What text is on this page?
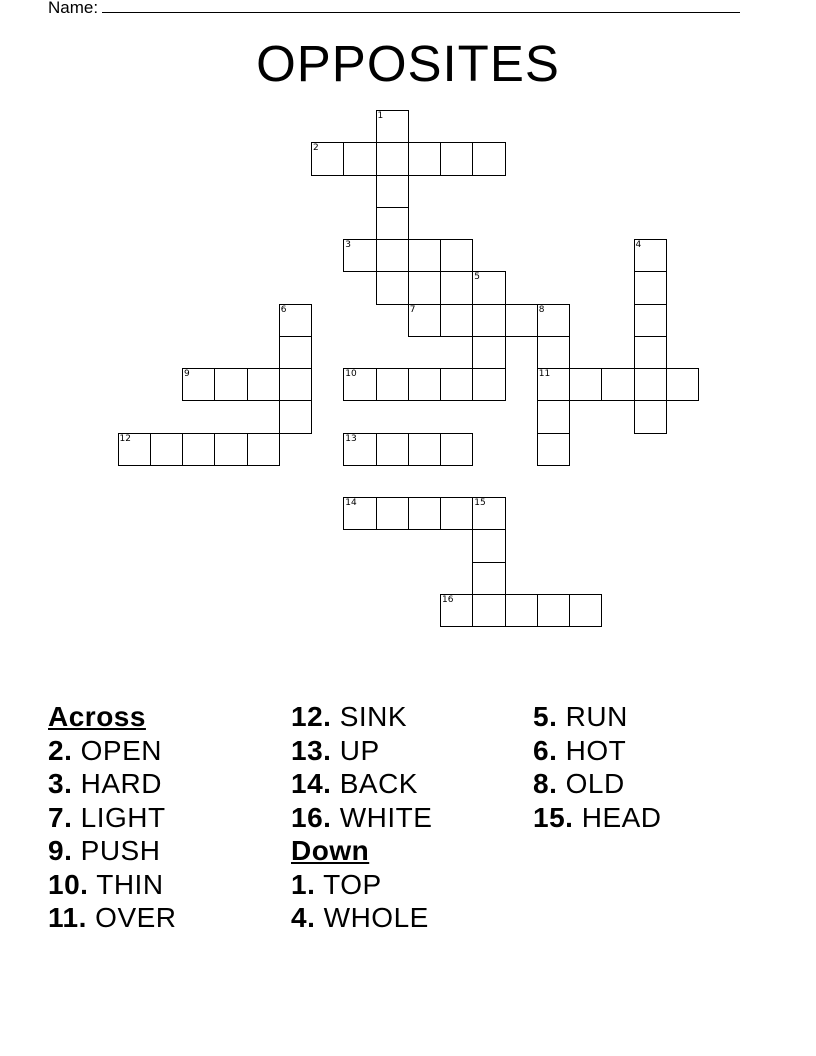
Name:
OPPOSITES
1
2
3	4
5
6	7	8
9	10	11
12	13
14	15
16
Across
2. OPEN
3. HARD
7. LIGHT
9. PUSH
10. THIN
11. OVER
12. SINK
13. UP
14. BACK
16. WHITE
Down
1. TOP
4. WHOLE
5. RUN
6. HOT
8. OLD
15. HEAD
